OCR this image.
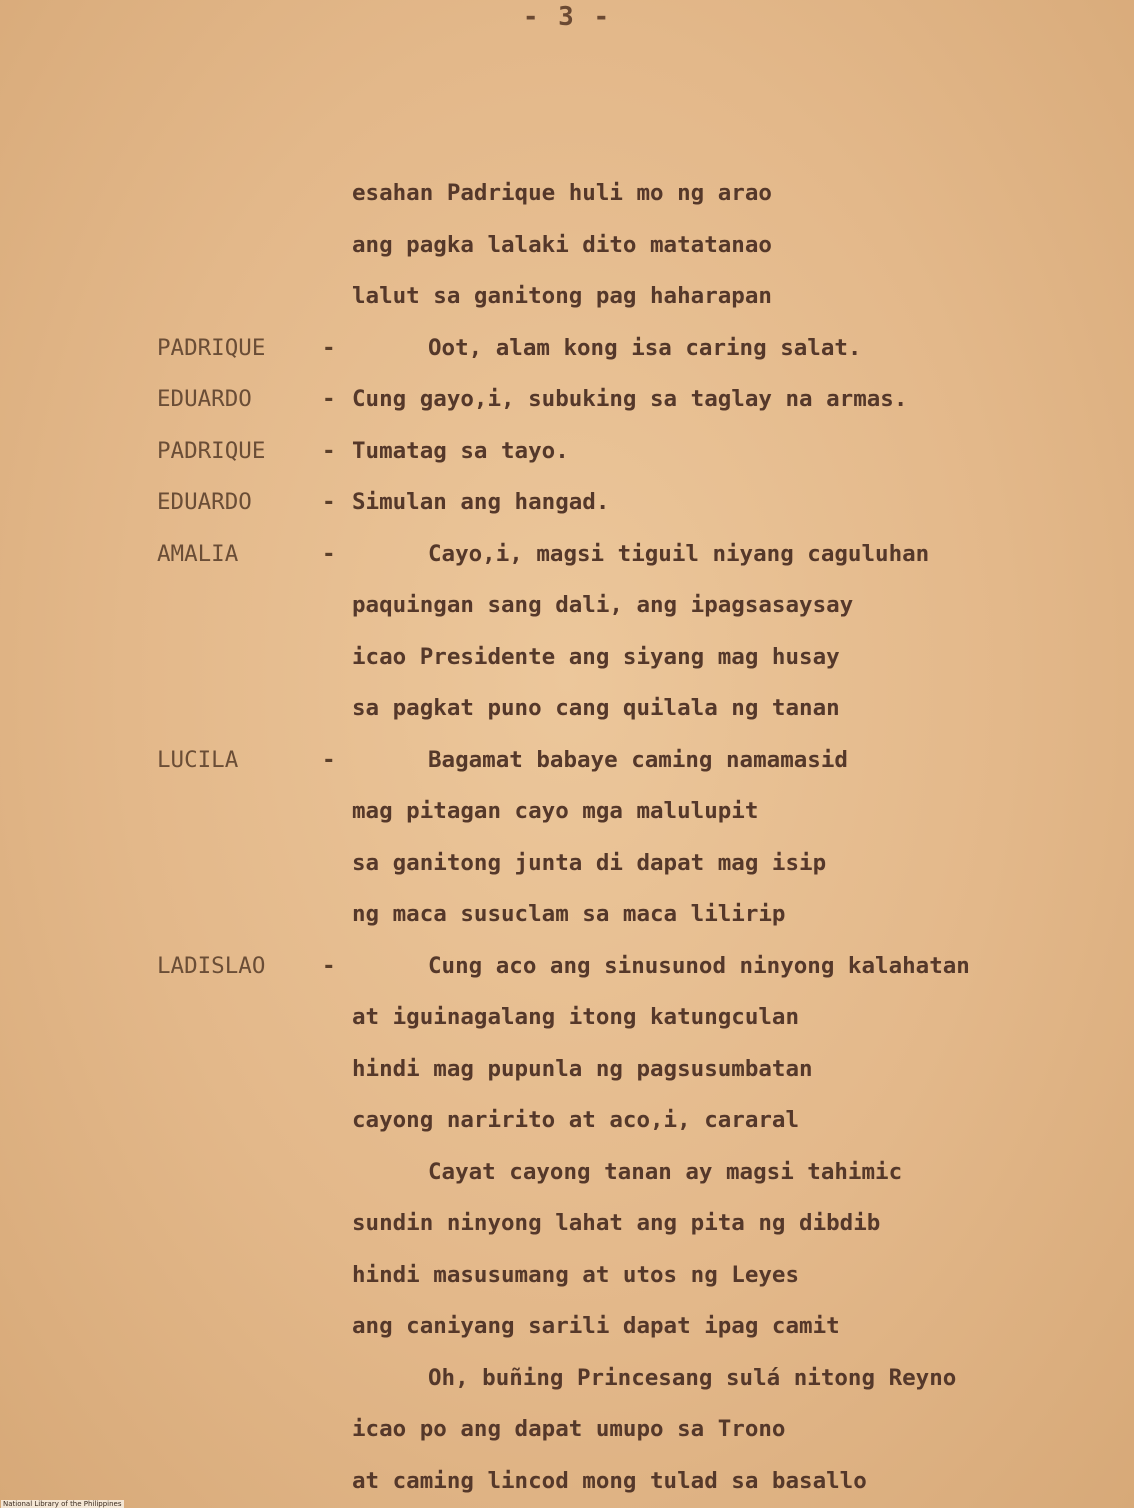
- 3 -
esahan Padrique huli mo ng arao
ang pagka lalaki dito matatanao
lalut sa ganitong pag haharapan
PADRIQUE	-	Oot, alam kong isa caring salat.
EDUARDO	- Cung gayo,i, subuking sa taglay na armas.
PADRIQUE	- Tumatag sa tayo.
EDUARDO	- Simulan ang hangad.
AMALIA	-	Cayo,i, magsi tiguil niyang caguluhan
paquingan sang dali, ang ipagsasaysay
icao Presidente ang siyang mag husay
sa pagkat puno cang quilala ng tanan
LUCILA	-	Bagamat babaye caming namamasid
mag pitagan cayo mga malulupit
sa ganitong junta di dapat mag isip
ng maca susuclam sa maca lilirip
LADISLAO	-	Cung aco ang sinusunod ninyong kalahatan
at iguinagalang itong katungculan
hindi mag pupunla ng pagsusumbatan
cayong naririto at aco,i, cararal
Cayat cayong tanan ay magsi tahimic
sundin ninyong lahat ang pita ng dibdib
hindi masusumang at utos ng Leyes
ang caniyang sarili dapat ipag camit
Oh, buñing Princesang sulá nitong Reyno
icao po ang dapat umupo sa Trono
at caming lincod mong tulad sa basallo
National Library of the Philippines
